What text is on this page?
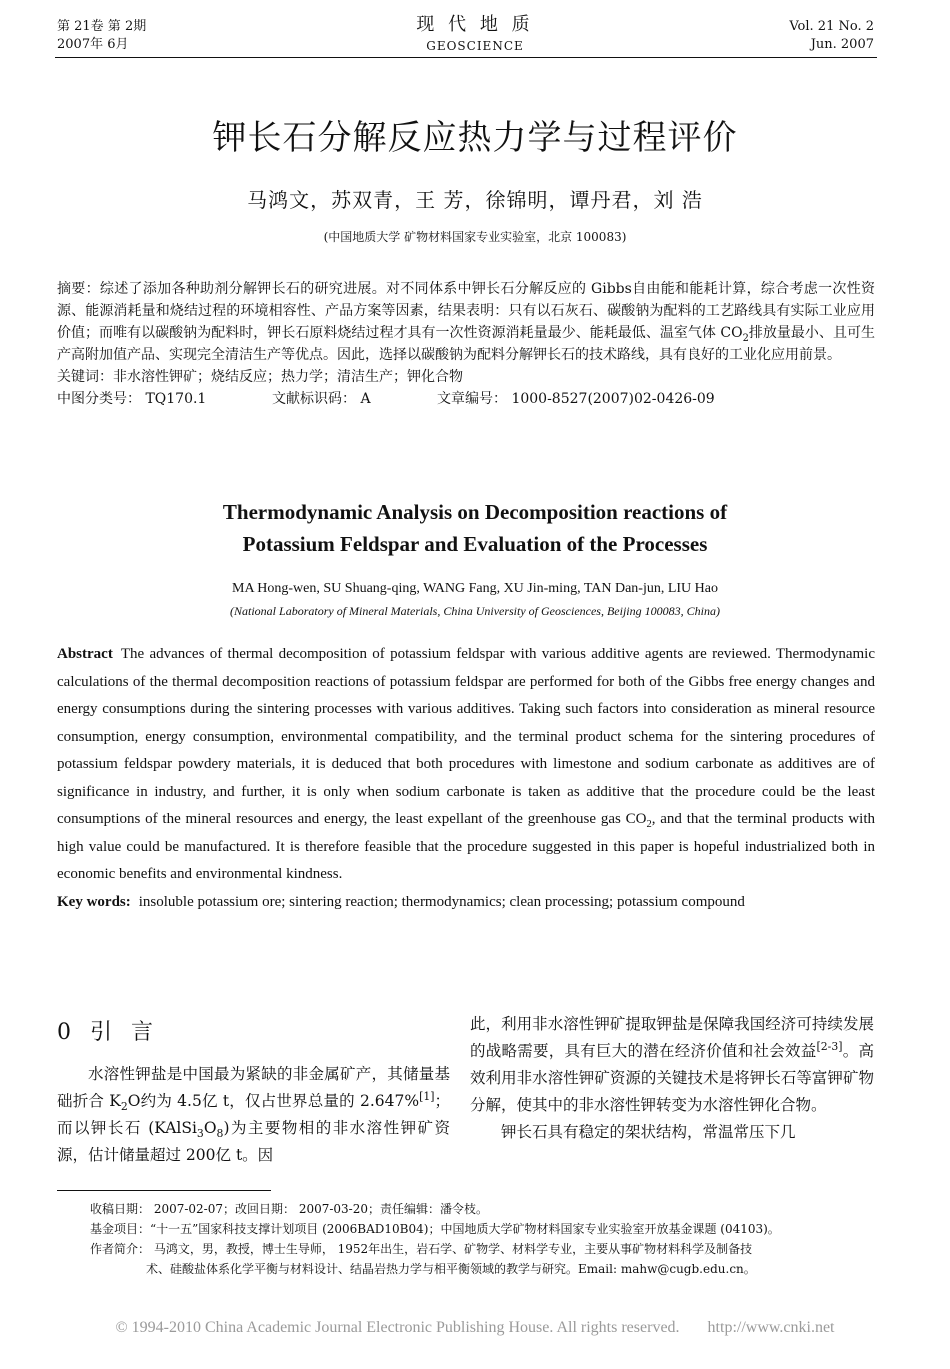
第 21卷 第 2期
2007年 6月
现 代 地 质
GEOSCIENCE
Vol. 21 No. 2
Jun. 2007
钾长石分解反应热力学与过程评价
马鸿文，苏双青，王 芳，徐锦明，谭丹君，刘 浩
(中国地质大学 矿物材料国家专业实验室，北京 100083)

摘要：综述了添加各种助剂分解钾长石的研究进展。对不同体系中钾长石分解反应的 Gibbs自由能和能耗计算，综合考虑一次性资源、能源消耗量和烧结过程的环境相容性、产品方案等因素，结果表明：只有以石灰石、碳酸钠为配料的工艺路线具有实际工业应用价值；而唯有以碳酸钠为配料时，钾长石原料烧结过程才具有一次性资源消耗量最少、能耗最低、温室气体 $CO_2$排放量最小、且可生产高附加值产品、实现完全清洁生产等优点。因此，选择以碳酸钠为配料分解钾长石的技术路线，具有良好的工业化应用前景。

关键词：非水溶性钾矿；烧结反应；热力学；清洁生产；钾化合物

中图分类号： TQ170.1	文献标识码： A	文章编号： 1000-8527(2007)02-0426-09

Thermodynamic Analysis on Decomposition reactions of
Potassium Feldspar and Evaluation of the Processes
MA Hong-wen, SU Shuang-qing, WANG Fang, XU Jin-ming, TAN Dan-jun, LIU Hao
(National Laboratory of Mineral Materials, China University of Geosciences, Beijing 100083, China)

Abstract The advances of thermal decomposition of potassium feldspar with various additive agents are reviewed. Thermodynamic calculations of the thermal decomposition reactions of potassium feldspar are performed for both of the Gibbs free energy changes and energy consumptions during the sintering processes with various additives. Taking such factors into consideration as mineral resource consumption, energy consumption, environmental compatibility, and the terminal product schema for the sintering procedures of potassium feldspar powdery materials, it is deduced that both procedures with limestone and sodium carbonate as additives are of significance in industry, and further, it is only when sodium carbonate is taken as additive that the procedure could be the least consumptions of the mineral resources and energy, the least expellant of the greenhouse gas $CO_2$, and that the terminal products with high value could be manufactured. It is therefore feasible that the procedure suggested in this paper is hopeful industrialized both in economic benefits and environmental kindness.

Key words: insoluble potassium ore; sintering reaction; thermodynamics; clean processing; potassium compound

0 引 言

水溶性钾盐是中国最为紧缺的非金属矿产，其储量基础折合 $K_2O$约为 4.5亿 t，仅占世界总量的 2.647%[1]；而以钾长石 $(KAlSi_3O_8)$为主要物相的非水溶性钾矿资源，估计储量超过 200亿 t。因

此，利用非水溶性钾矿提取钾盐是保障我国经济可持续发展的战略需要，具有巨大的潜在经济价值和社会效益[2-3]。高效利用非水溶性钾矿资源的关键技术是将钾长石等富钾矿物分解，使其中的非水溶性钾转变为水溶性钾化合物。

钾长石具有稳定的架状结构，常温常压下几

收稿日期： 2007-02-07；改回日期： 2007-03-20；责任编辑：潘令枝。

基金项目：“十一五”国家科技支撑计划项目 (2006BAD10B04)；中国地质大学矿物材料国家专业实验室开放基金课题 (04103)。

作者简介： 马鸿文，男，教授，博士生导师， 1952年出生，岩石学、矿物学、材料学专业，主要从事矿物材料科学及制备技

术、硅酸盐体系化学平衡与材料设计、结晶岩热力学与相平衡领域的教学与研究。Email: mahw@cugb.edu.cn。

© 1994-2010 China Academic Journal Electronic Publishing House. All rights reserved. http://www.cnki.net
